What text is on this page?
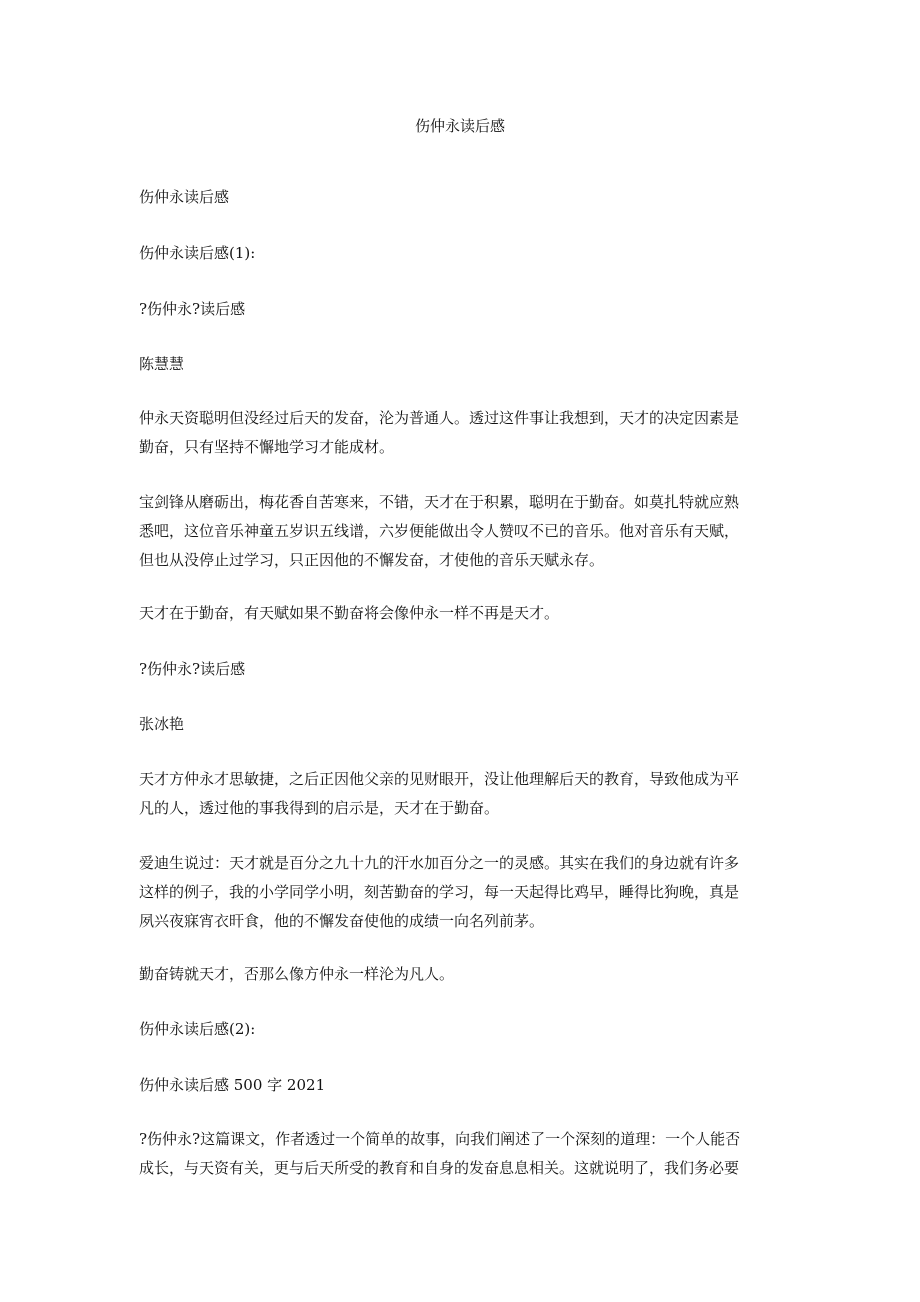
伤仲永读后感
伤仲永读后感
伤仲永读后感(1):
?伤仲永?读后感
陈慧慧
仲永天资聪明但没经过后天的发奋，沦为普通人。透过这件事让我想到，天才的决定因素是
勤奋，只有坚持不懈地学习才能成材。
宝剑锋从磨砺出，梅花香自苦寒来，不错，天才在于积累，聪明在于勤奋。如莫扎特就应熟
悉吧，这位音乐神童五岁识五线谱，六岁便能做出令人赞叹不已的音乐。他对音乐有天赋，
但也从没停止过学习，只正因他的不懈发奋，才使他的音乐天赋永存。
天才在于勤奋，有天赋如果不勤奋将会像仲永一样不再是天才。
?伤仲永?读后感
张冰艳
天才方仲永才思敏捷，之后正因他父亲的见财眼开，没让他理解后天的教育，导致他成为平
凡的人，透过他的事我得到的启示是，天才在于勤奋。
爱迪生说过：天才就是百分之九十九的汗水加百分之一的灵感。其实在我们的身边就有许多
这样的例子，我的小学同学小明，刻苦勤奋的学习，每一天起得比鸡早，睡得比狗晚，真是
夙兴夜寐宵衣旰食，他的不懈发奋使他的成绩一向名列前茅。
勤奋铸就天才，否那么像方仲永一样沦为凡人。
伤仲永读后感(2):
伤仲永读后感 500 字 2021
?伤仲永?这篇课文，作者透过一个简单的故事，向我们阐述了一个深刻的道理：一个人能否
成长，与天资有关，更与后天所受的教育和自身的发奋息息相关。这就说明了，我们务必要
